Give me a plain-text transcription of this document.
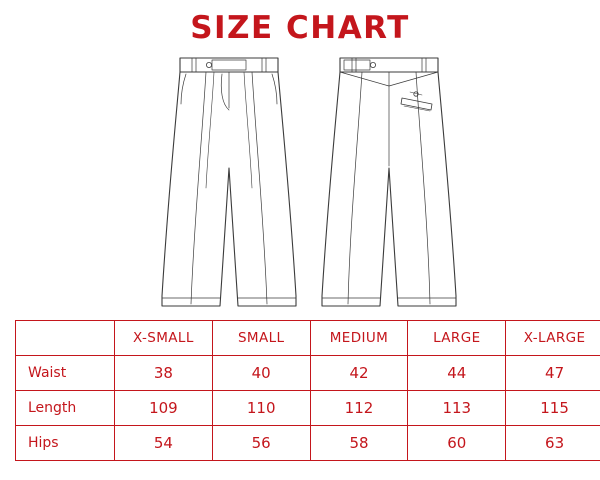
SIZE CHART
	X-SMALL	SMALL	MEDIUM	LARGE	X-LARGE
Waist	38	40	42	44	47
Length	109	110	112	113	115
Hips	54	56	58	60	63
